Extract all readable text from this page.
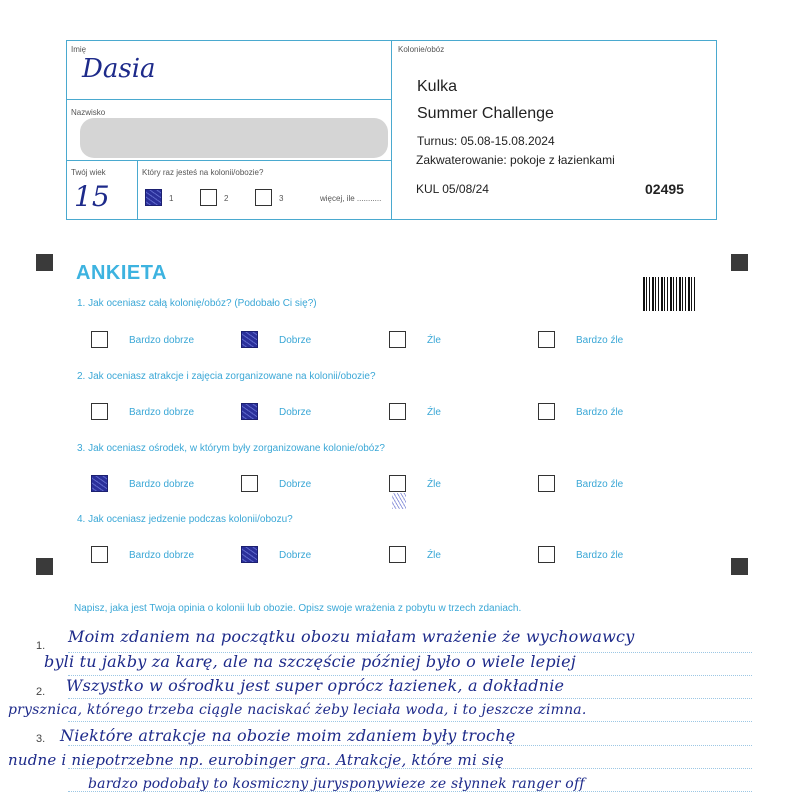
Imię
Dasia
Nazwisko
Twój wiek
15
Który raz jesteś na kolonii/obozie?
1	2	3	więcej, ile ...........
Kolonie/obóz
Kulka
Summer Challenge
Turnus: 05.08-15.08.2024
Zakwaterowanie: pokoje z łazienkami
KUL 05/08/24	02495
ANKIETA
1. Jak oceniasz całą kolonię/obóz? (Podobało Ci się?)
Bardzo dobrze	Dobrze	Źle	Bardzo źle
2. Jak oceniasz atrakcje i zajęcia zorganizowane na kolonii/obozie?
Bardzo dobrze	Dobrze	Źle	Bardzo źle
3. Jak oceniasz ośrodek, w którym były zorganizowane kolonie/obóz?
Bardzo dobrze	Dobrze	Źle	Bardzo źle
4. Jak oceniasz jedzenie podczas kolonii/obozu?
Bardzo dobrze	Dobrze	Źle	Bardzo źle
Napisz, jaka jest Twoja opinia o kolonii lub obozie. Opisz swoje wrażenia z pobytu w trzech zdaniach.
1.
2.
3.
Moim zdaniem na początku obozu miałam wrażenie że wychowawcy
byli tu jakby za karę, ale na szczęście później było o wiele lepiej
Wszystko w ośrodku jest super oprócz łazienek, a dokładnie
prysznica, którego trzeba ciągle naciskać żeby leciała woda, i to jeszcze zimna.
Niektóre atrakcje na obozie moim zdaniem były trochę
nudne i niepotrzebne np. eurobinger gra. Atrakcje, które mi się
bardzo podobały to kosmiczny jurysponywieze ze słynnek ranger off
